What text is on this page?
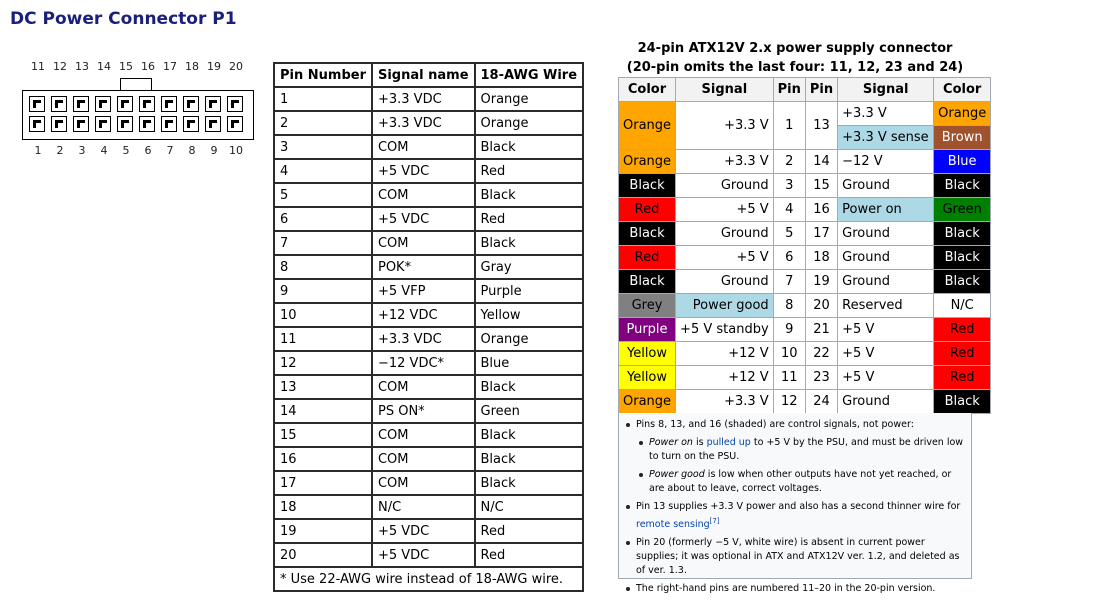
DC Power Connector P1
11 12 13 14 15 16 17 18 19 20
1	2	3	4	5	6	7	8	9	10
Pin Number	Signal name	18-AWG Wire
1	+3.3 VDC	Orange
2	+3.3 VDC	Orange
3	COM	Black
4	+5 VDC	Red
5	COM	Black
6	+5 VDC	Red
7	COM	Black
8	POK*	Gray
9	+5 VFP	Purple
10	+12 VDC	Yellow
11	+3.3 VDC	Orange
12	−12 VDC*	Blue
13	COM	Black
14	PS ON*	Green
15	COM	Black
16	COM	Black
17	COM	Black
18	N/C	N/C
19	+5 VDC	Red
20	+5 VDC	Red
* Use 22-AWG wire instead of 18-AWG wire.		
24-pin ATX12V 2.x power supply connector
(20-pin omits the last four: 11, 12, 23 and 24)
Color	Signal	Pin	Pin	Signal	Color
Orange	+3.3 V	1	13	+3.3 V	Orange
				+3.3 V sense	Brown
Orange	+3.3 V	2	14	−12 V	Blue
Black	Ground	3	15	Ground	Black
Red	+5 V	4	16	Power on	Green
Black	Ground	5	17	Ground	Black
Red	+5 V	6	18	Ground	Black
Black	Ground	7	19	Ground	Black
Grey	Power good	8	20	Reserved	N/C
Purple	+5 V standby	9	21	+5 V	Red
Yellow	+12 V	10	22	+5 V	Red
Yellow	+12 V	11	23	+5 V	Red
Orange	+3.3 V	12	24	Ground	Black
Pins 8, 13, and 16 (shaded) are control signals, not power:
Power on is pulled up to +5 V by the PSU, and must be driven low to turn on the PSU.
Power good is low when other outputs have not yet reached, or are about to leave, correct voltages.
Pin 13 supplies +3.3 V power and also has a second thinner wire for remote sensing[7]
Pin 20 (formerly −5 V, white wire) is absent in current power supplies; it was optional in ATX and ATX12V ver. 1.2, and deleted as of ver. 1.3.
The right-hand pins are numbered 11–20 in the 20-pin version.
